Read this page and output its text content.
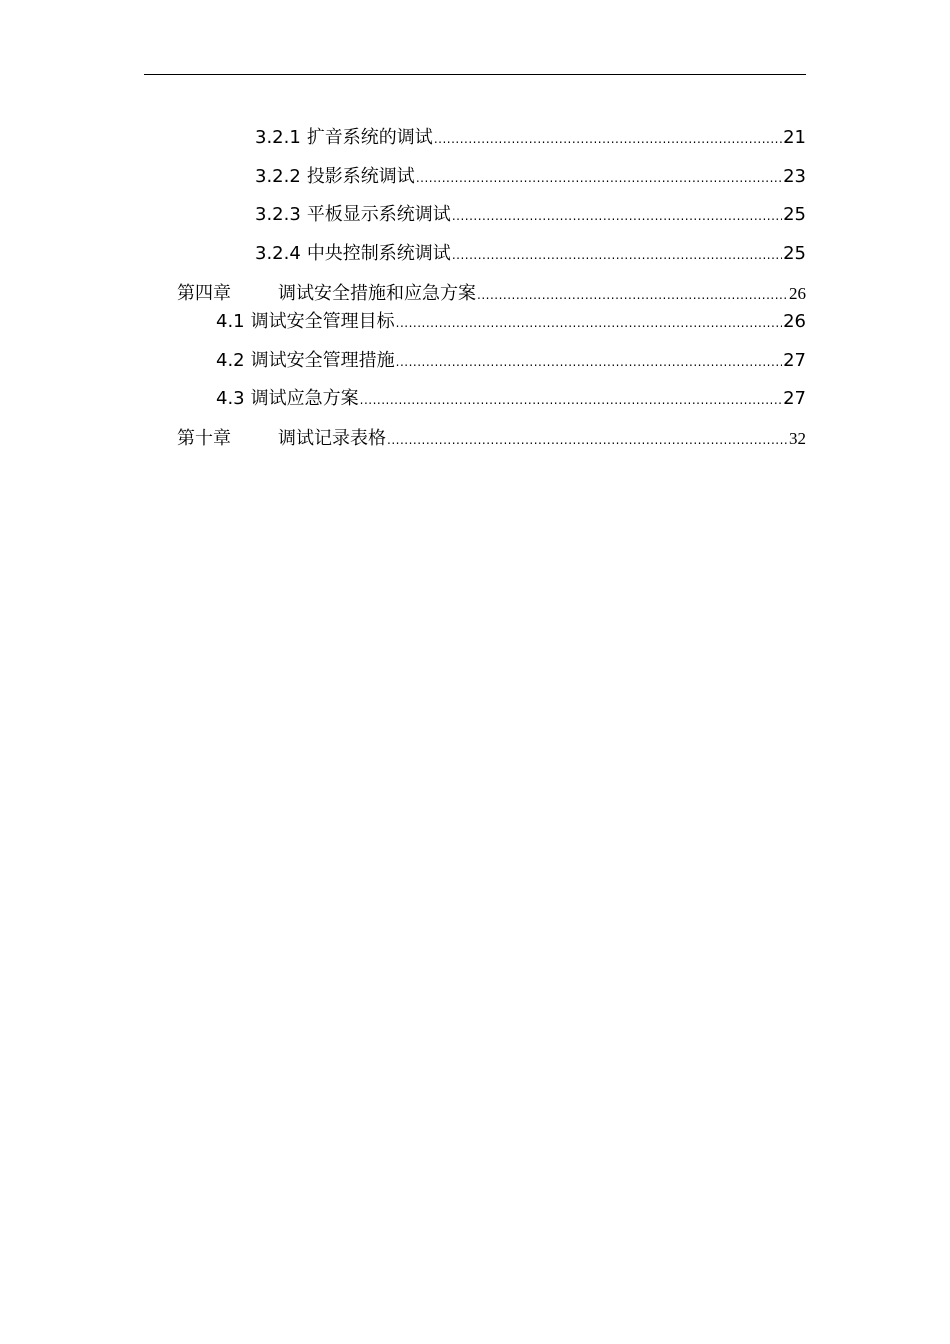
3.2.1 扩音系统的调试 .....	21
3.2.2 投影系统调试 .....	23
3.2.3 平板显示系统调试 .....	25
3.2.4 中央控制系统调试 .....	25
第四章	调试安全措施和应急方案 .....	26
4.1 调试安全管理目标 .....	26
4.2 调试安全管理措施 .....	27
4.3 调试应急方案 .....	27
第十章	调试记录表格 .....	32
